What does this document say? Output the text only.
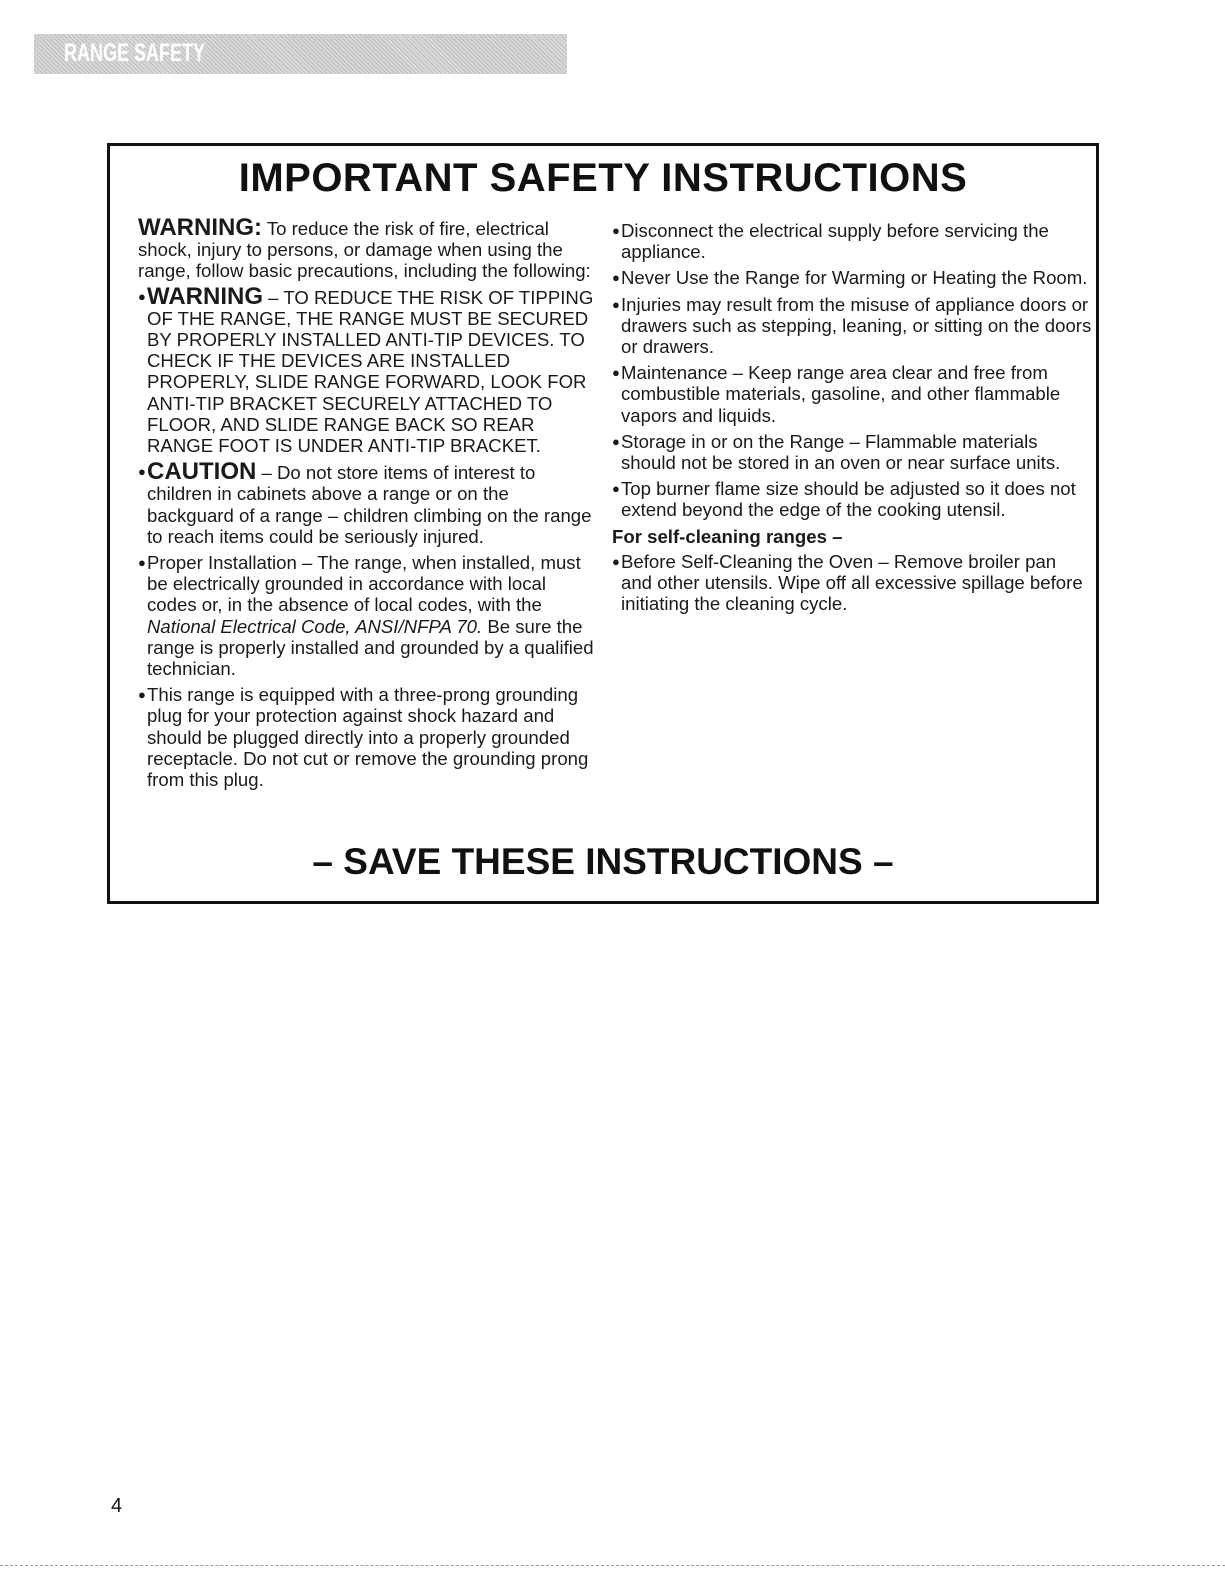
RANGE SAFETY
IMPORTANT SAFETY INSTRUCTIONS

WARNING: To reduce the risk of fire, electrical shock, injury to persons, or damage when using the range, follow basic precautions, including the following:

● WARNING – TO REDUCE THE RISK OF TIPPING OF THE RANGE, THE RANGE MUST BE SECURED BY PROPERLY INSTALLED ANTI-TIP DEVICES. TO CHECK IF THE DEVICES ARE INSTALLED PROPERLY, SLIDE RANGE FORWARD, LOOK FOR ANTI-TIP BRACKET SECURELY ATTACHED TO FLOOR, AND SLIDE RANGE BACK SO REAR RANGE FOOT IS UNDER ANTI-TIP BRACKET.

● CAUTION – Do not store items of interest to children in cabinets above a range or on the backguard of a range – children climbing on the range to reach items could be seriously injured.

● Proper Installation – The range, when installed, must be electrically grounded in accordance with local codes or, in the absence of local codes, with the National Electrical Code, ANSI/NFPA 70. Be sure the range is properly installed and grounded by a qualified technician.

● This range is equipped with a three-prong grounding plug for your protection against shock hazard and should be plugged directly into a properly grounded receptacle. Do not cut or remove the grounding prong from this plug.

● Disconnect the electrical supply before servicing the appliance.

● Never Use the Range for Warming or Heating the Room.

● Injuries may result from the misuse of appliance doors or drawers such as stepping, leaning, or sitting on the doors or drawers.

● Maintenance – Keep range area clear and free from combustible materials, gasoline, and other flammable vapors and liquids.

● Storage in or on the Range – Flammable materials should not be stored in an oven or near surface units.

● Top burner flame size should be adjusted so it does not extend beyond the edge of the cooking utensil.

For self-cleaning ranges –

● Before Self-Cleaning the Oven – Remove broiler pan and other utensils. Wipe off all excessive spillage before initiating the cleaning cycle.

– SAVE THESE INSTRUCTIONS –
4
